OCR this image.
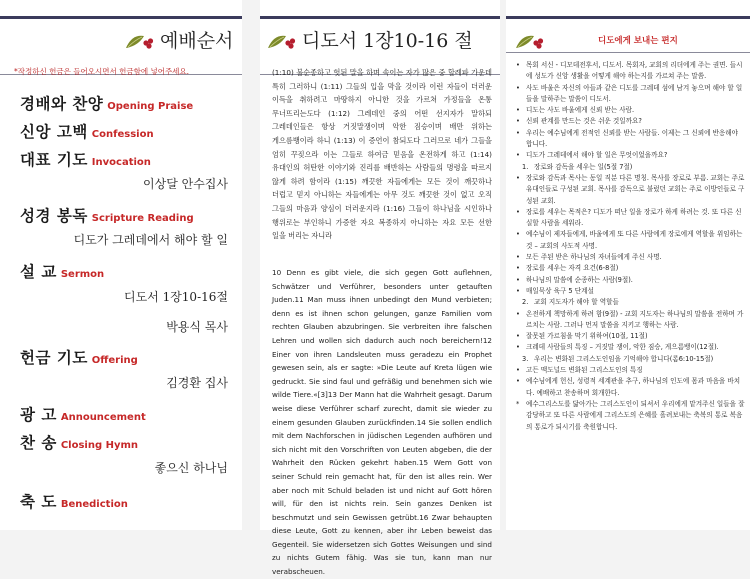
예배순서
*작정하신 헌금은 들어오시면서 헌금함에 넣어주세요.
경배와 찬양 Opening Praise
신앙 고백 Confession
대표 기도 Invocation
이상달 안수집사
성경 봉독 Scripture Reading
디도가 그레데에서 해야 할 일
설 교 Sermon
디도서 1장10-16절
박용식 목사
헌금 기도 Offering
김경환 집사
광 고 Announcement
찬 송 Closing Hymn
좋으신 하나님
축 도 Benediction
디도서 1장10-16 절
(1:10) 불순종하고 헛된 말을 하며 속이는 자가 많은 중 할례파 가운데 특히 그러하니 (1:11) 그들의 입을 막을 것이라 이런 자들이 더러운 이득을 취하려고 마땅하지 아니한 것을 가르쳐 가정들을 온통 무너뜨리는도다 (1:12) 그레데인 중의 어떤 선지자가 말하되 그레데인들은 항상 거짓말쟁이며 악한 짐승이며 배만 위하는 게으름뱅이라 하니 (1:13) 이 증언이 참되도다 그러므로 네가 그들을 엄히 꾸짖으라 이는 그들로 하여금 믿음을 온전하게 하고 (1:14) 유대인의 허탄한 이야기와 진리를 배반하는 사람들의 명령을 따르지 않게 하려 함이라 (1:15) 깨끗한 자들에게는 모든 것이 깨끗하나 더럽고 믿지 아니하는 자들에게는 아무 것도 깨끗한 것이 없고 오직 그들의 마음과 양심이 더러운지라 (1:16) 그들이 하나님을 시인하나 행위로는 부인하니 가증한 자요 복종하지 아니하는 자요 모든 선한 일을 버리는 자니라
10 Denn es gibt viele, die sich gegen Gott auflehnen, Schwätzer und Verführer, besonders unter getauften Juden.11 Man muss ihnen unbedingt den Mund verbieten; denn es ist ihnen schon gelungen, ganze Familien vom rechten Glauben abzubringen. Sie verbreiten ihre falschen Lehren und wollen sich dadurch auch noch bereichern!12 Einer von ihren Landsleuten muss geradezu ein Prophet gewesen sein, als er sagte: »Die Leute auf Kreta lügen wie gedruckt. Sie sind faul und gefräßig und benehmen sich wie wilde Tiere.«[3]13 Der Mann hat die Wahrheit gesagt. Darum weise diese Verführer scharf zurecht, damit sie wieder zu einem gesunden Glauben zurückfinden.14 Sie sollen endlich mit dem Nachforschen in jüdischen Legenden aufhören und sich nicht mit den Vorschriften von Leuten abgeben, die der Wahrheit den Rücken gekehrt haben.15 Wem Gott von seiner Schuld rein gemacht hat, für den ist alles rein. Wer aber noch mit Schuld beladen ist und nicht auf Gott hören will, für den ist nichts rein. Sein ganzes Denken ist beschmutzt und sein Gewissen getrübt.16 Zwar behaupten diese Leute, Gott zu kennen, aber ihr Leben beweist das Gegenteil. Sie widersetzen sich Gottes Weisungen und sind zu nichts Gutem fähig. Was sie tun, kann man nur verabscheuen.
디도에게 보내는 편지
• 목회 서신 - 디모데전후서, 디도서. 목회자, 교회의 리더에게 주는 권면. 들시에 성도가 신앙 생활을 어떻게 해야 하는지를 가르쳐 주는 말씀.
• 사도 바울은 자신의 아들과 같은 디도를 그레데 섬에 남겨 놓으며 해야 할 일들을 말하주는 말씀이 디도서.
• 디도는 사도 바울에게 신뢰 받는 사람.
• 신뢰 관계를 만드는 것은 쉬운 것일까요?
• 우리는 예수님에게 전적인 신뢰를 받는 사람들. 이제는 그 신뢰에 반응해야 합니다.
• 디도가 그레데에서 해야 할 일은 무엇이었을까요?
1. 장로와 감독을 세우는 일(5절 7절)
• 장로와 감독과 목사는 동일 직분 다른 명칭. 목사를 장로로 부름. 교회는 주로 유대인들로 구성된 교회. 목사를 감독으로 불렀던 교회는 주로 이방인들로 구성된 교회.
• 장로를 세우는 목적은? 디도가 떠난 일을 장로가 하게 하려는 것. 또 다른 신실할 사람을 세워라.
• 예수님이 제자들에게, 바울에게 또 다른 사람에게 장로에게 역할을 위임하는 것 – 교회의 사도적 사명.
• 모든 주된 받은 하나님의 자녀들에게 주신 사명.
• 장로를 세우는 자격 요건(6-8절)
• 하나님의 말씀에 순종하는 사람(9절).
• 매일묵상 육구 5 단계설
2. 교회 지도자가 해야 할 역할들
• 온전하게 책망하게 하려 함(9절) - 교회 지도자는 하나님의 말씀을 전하며 가르치는 사람. 그러나 먼저 말씀을 지키고 행하는 사람.
• 잘못된 가르침을 막기 위하여(10절, 11절)
• 크레데 사람들의 특징 – 거짓말 쟁이, 악한 짐승, 게으름뱅이(12절).
3. 우리는 변화된 그리스도인임을 기억해야 합니다(롬6:10-15절)
• 고든 맥도널드 변화된 그리스도인의 특징
• 예수님에게 헌신, 성령적 세계관을 추구, 하나님의 인도에 몸과 마음을 바치다. 예배하고 찬송하며 회개한다.
* 예수그리스도를 닮아가는 그리스도인이 되셔서 우리에게 맡겨주신 일들을 잘 감당하고 또 다른 사람에게 그리스도의 은혜를 흘려보내는 축복의 통로 복음의 통로가 되시기를 축원합니다.
